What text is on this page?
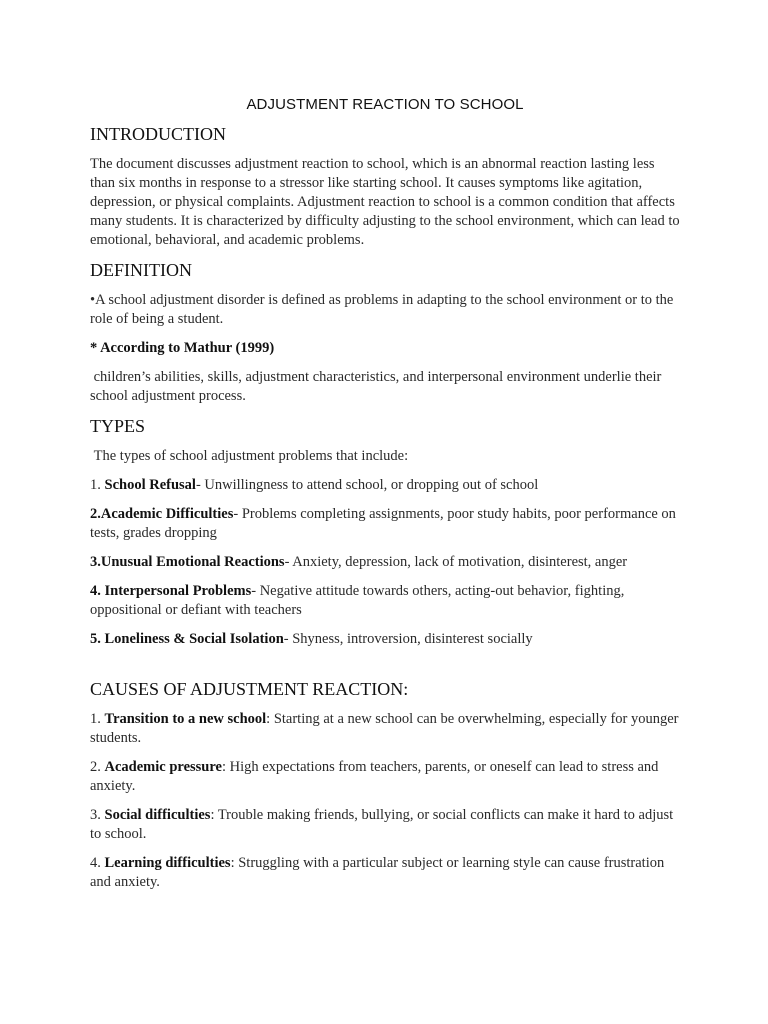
ADJUSTMENT REACTION TO SCHOOL
INTRODUCTION

The document discusses adjustment reaction to school, which is an abnormal reaction lasting less than six months in response to a stressor like starting school. It causes symptoms like agitation, depression, or physical complaints. Adjustment reaction to school is a common condition that affects many students. It is characterized by difficulty adjusting to the school environment, which can lead to emotional, behavioral, and academic problems.

DEFINITION

•A school adjustment disorder is defined as problems in adapting to the school environment or to the role of being a student.

* According to Mathur (1999)

children’s abilities, skills, adjustment characteristics, and interpersonal environment underlie their school adjustment process.

TYPES

The types of school adjustment problems that include:

1. School Refusal- Unwillingness to attend school, or dropping out of school

2.Academic Difficulties- Problems completing assignments, poor study habits, poor performance on tests, grades dropping

3.Unusual Emotional Reactions- Anxiety, depression, lack of motivation, disinterest, anger

4. Interpersonal Problems- Negative attitude towards others, acting-out behavior, fighting, oppositional or defiant with teachers

5. Loneliness & Social Isolation- Shyness, introversion, disinterest socially

CAUSES OF ADJUSTMENT REACTION:

1. Transition to a new school: Starting at a new school can be overwhelming, especially for younger students.

2. Academic pressure: High expectations from teachers, parents, or oneself can lead to stress and anxiety.

3. Social difficulties: Trouble making friends, bullying, or social conflicts can make it hard to adjust to school.

4. Learning difficulties: Struggling with a particular subject or learning style can cause frustration and anxiety.
